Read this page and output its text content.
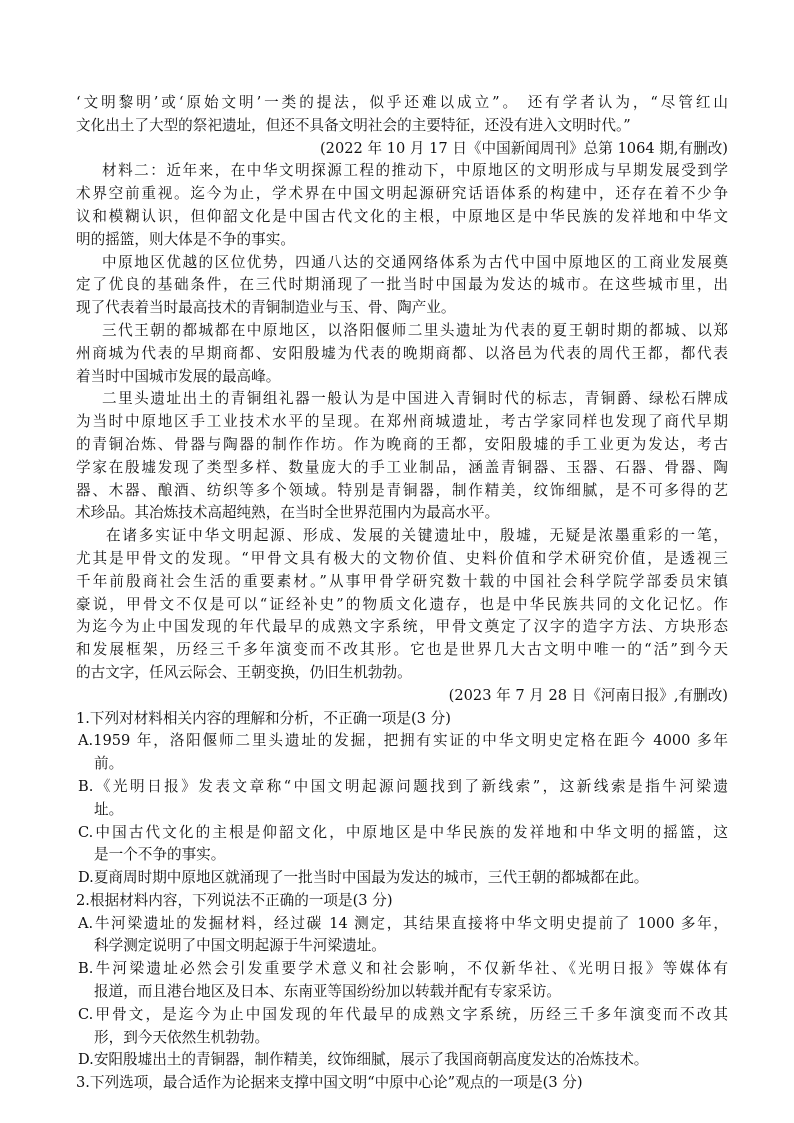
‘文明黎明’或‘原始文明’一类的提法，似乎还难以成立”。 还有学者认为，“尽管红山
文化出土了大型的祭祀遗址，但还不具备文明社会的主要特征，还没有进入文明时代。”
(2022 年 10 月 17 日《中国新闻周刊》总第 1064 期,有删改)
材料二：近年来，在中华文明探源工程的推动下，中原地区的文明形成与早期发展受到学
术界空前重视。迄今为止，学术界在中国文明起源研究话语体系的构建中，还存在着不少争
议和模糊认识，但仰韶文化是中国古代文化的主根，中原地区是中华民族的发祥地和中华文
明的摇篮，则大体是不争的事实。
中原地区优越的区位优势，四通八达的交通网络体系为古代中国中原地区的工商业发展奠
定了优良的基础条件，在三代时期涌现了一批当时中国最为发达的城市。在这些城市里，出
现了代表着当时最高技术的青铜制造业与玉、骨、陶产业。
三代王朝的都城都在中原地区，以洛阳偃师二里头遗址为代表的夏王朝时期的都城、以郑
州商城为代表的早期商都、安阳殷墟为代表的晚期商都、以洛邑为代表的周代王都，都代表
着当时中国城市发展的最高峰。
二里头遗址出土的青铜组礼器一般认为是中国进入青铜时代的标志，青铜爵、绿松石牌成
为当时中原地区手工业技术水平的呈现。在郑州商城遗址，考古学家同样也发现了商代早期
的青铜冶炼、骨器与陶器的制作作坊。作为晚商的王都，安阳殷墟的手工业更为发达，考古
学家在殷墟发现了类型多样、数量庞大的手工业制品，涵盖青铜器、玉器、石器、骨器、陶
器、木器、酿酒、纺织等多个领域。特别是青铜器，制作精美，纹饰细腻，是不可多得的艺
术珍品。其冶炼技术高超纯熟，在当时全世界范围内为最高水平。
在诸多实证中华文明起源、形成、发展的关键遗址中，殷墟，无疑是浓墨重彩的一笔，
尤其是甲骨文的发现。“甲骨文具有极大的文物价值、史料价值和学术研究价值，是透视三
千年前殷商社会生活的重要素材。”从事甲骨学研究数十载的中国社会科学院学部委员宋镇
豪说，甲骨文不仅是可以“证经补史”的物质文化遗存，也是中华民族共同的文化记忆。作
为迄今为止中国发现的年代最早的成熟文字系统，甲骨文奠定了汉字的造字方法、方块形态
和发展框架，历经三千多年演变而不改其形。它也是世界几大古文明中唯一的“活”到今天
的古文字，任风云际会、王朝变换，仍旧生机勃勃。
(2023 年 7 月 28 日《河南日报》,有删改)
1.下列对材料相关内容的理解和分析，不正确一项是(3 分)
A.1959 年，洛阳偃师二里头遗址的发掘，把拥有实证的中华文明史定格在距今 4000 多年
前。
B.《光明日报》发表文章称“中国文明起源问题找到了新线索”，这新线索是指牛河梁遗
址。
C.中国古代文化的主根是仰韶文化，中原地区是中华民族的发祥地和中华文明的摇篮，这
是一个不争的事实。
D.夏商周时期中原地区就涌现了一批当时中国最为发达的城市，三代王朝的都城都在此。
2.根据材料内容，下列说法不正确的一项是(3 分)
A.牛河梁遗址的发掘材料，经过碳 14 测定，其结果直接将中华文明史提前了 1000 多年，
科学测定说明了中国文明起源于牛河梁遗址。
B.牛河梁遗址必然会引发重要学术意义和社会影响，不仅新华社、《光明日报》等媒体有
报道，而且港台地区及日本、东南亚等国纷纷加以转载并配有专家采访。
C.甲骨文，是迄今为止中国发现的年代最早的成熟文字系统，历经三千多年演变而不改其
形，到今天依然生机勃勃。
D.安阳殷墟出土的青铜器，制作精美，纹饰细腻，展示了我国商朝高度发达的冶炼技术。
3.下列选项，最合适作为论据来支撑中国文明“中原中心论”观点的一项是(3 分)
